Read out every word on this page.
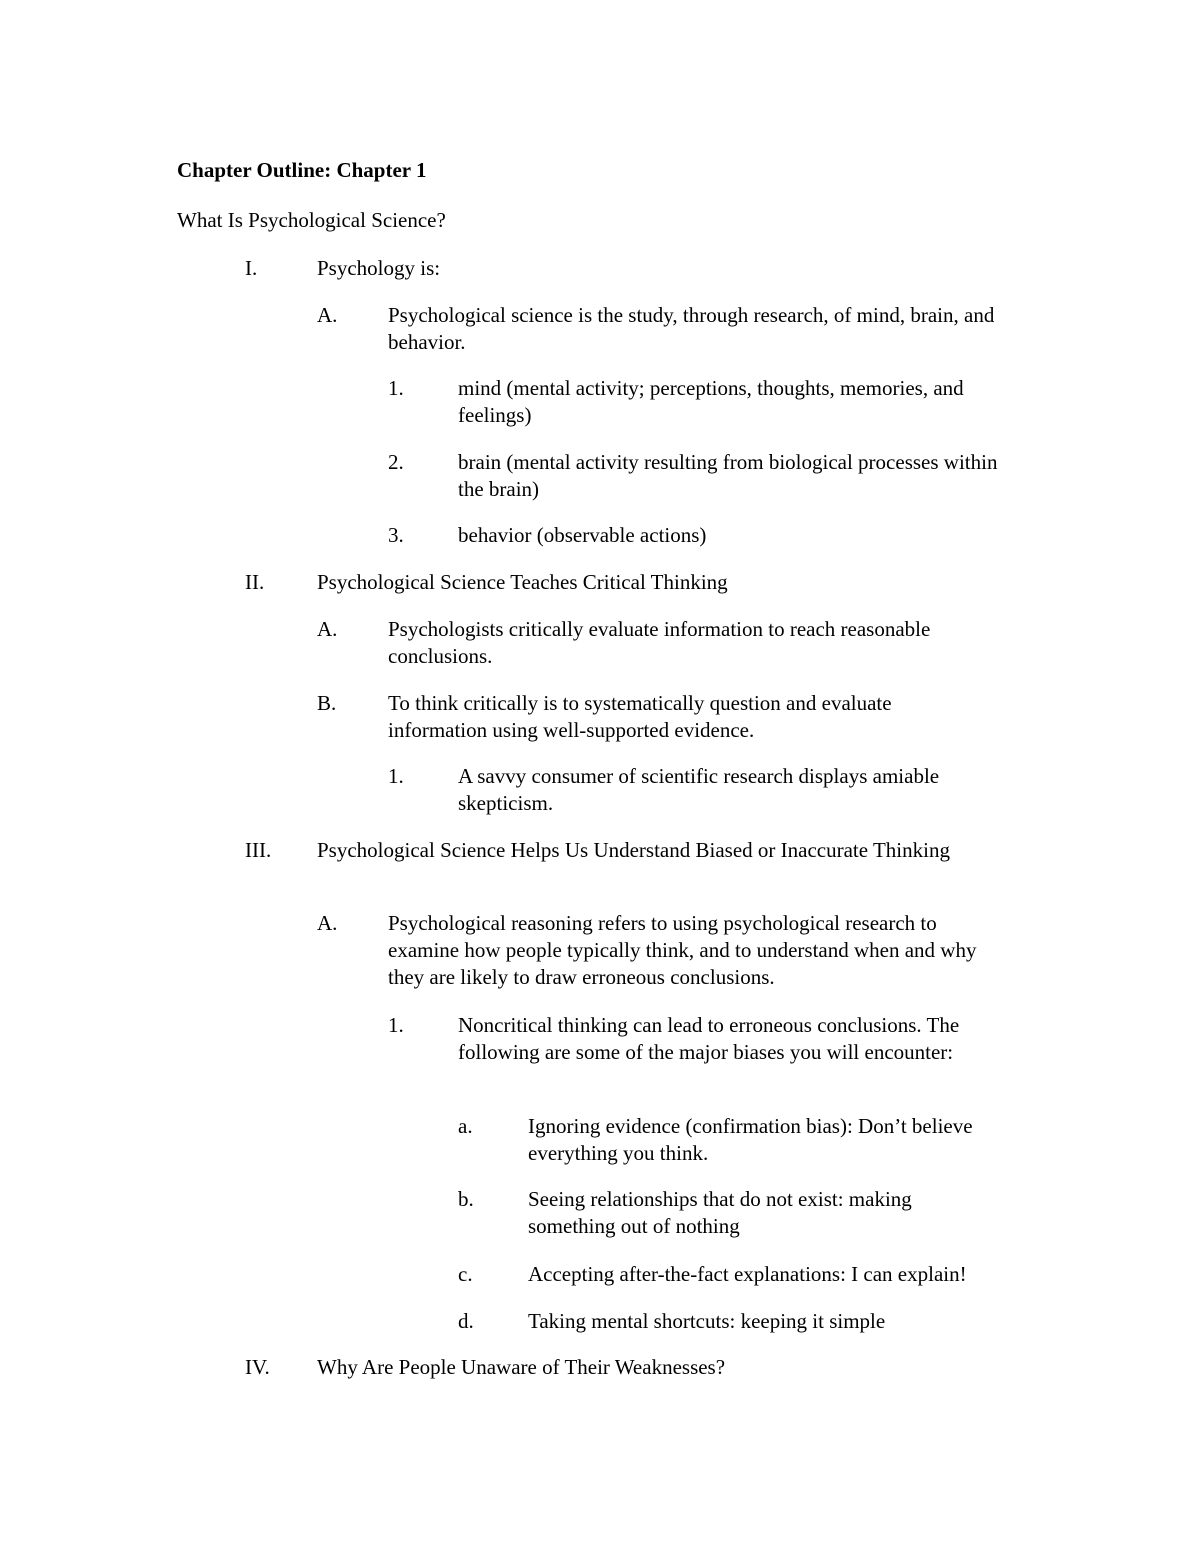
Chapter Outline: Chapter 1
What Is Psychological Science?
I.	Psychology is:
A. Psychological science is the study, through research, of mind, brain, and behavior.
1.	mind (mental activity; perceptions, thoughts, memories, and feelings)
2.	brain (mental activity resulting from biological processes within the brain)
3.	behavior (observable actions)
II.	Psychological Science Teaches Critical Thinking
A. Psychologists critically evaluate information to reach reasonable conclusions.
B. To think critically is to systematically question and evaluate information using well-supported evidence.
1.	A savvy consumer of scientific research displays amiable skepticism.
III. Psychological Science Helps Us Understand Biased or Inaccurate Thinking
A. Psychological reasoning refers to using psychological research to examine how people typically think, and to understand when and why they are likely to draw erroneous conclusions.
1.	Noncritical thinking can lead to erroneous conclusions. The following are some of the major biases you will encounter:
a.	Ignoring evidence (confirmation bias): Don’t believe everything you think.
b.	Seeing relationships that do not exist: making something out of nothing
c.	Accepting after-the-fact explanations: I can explain!
d.	Taking mental shortcuts: keeping it simple
IV. Why Are People Unaware of Their Weaknesses?
